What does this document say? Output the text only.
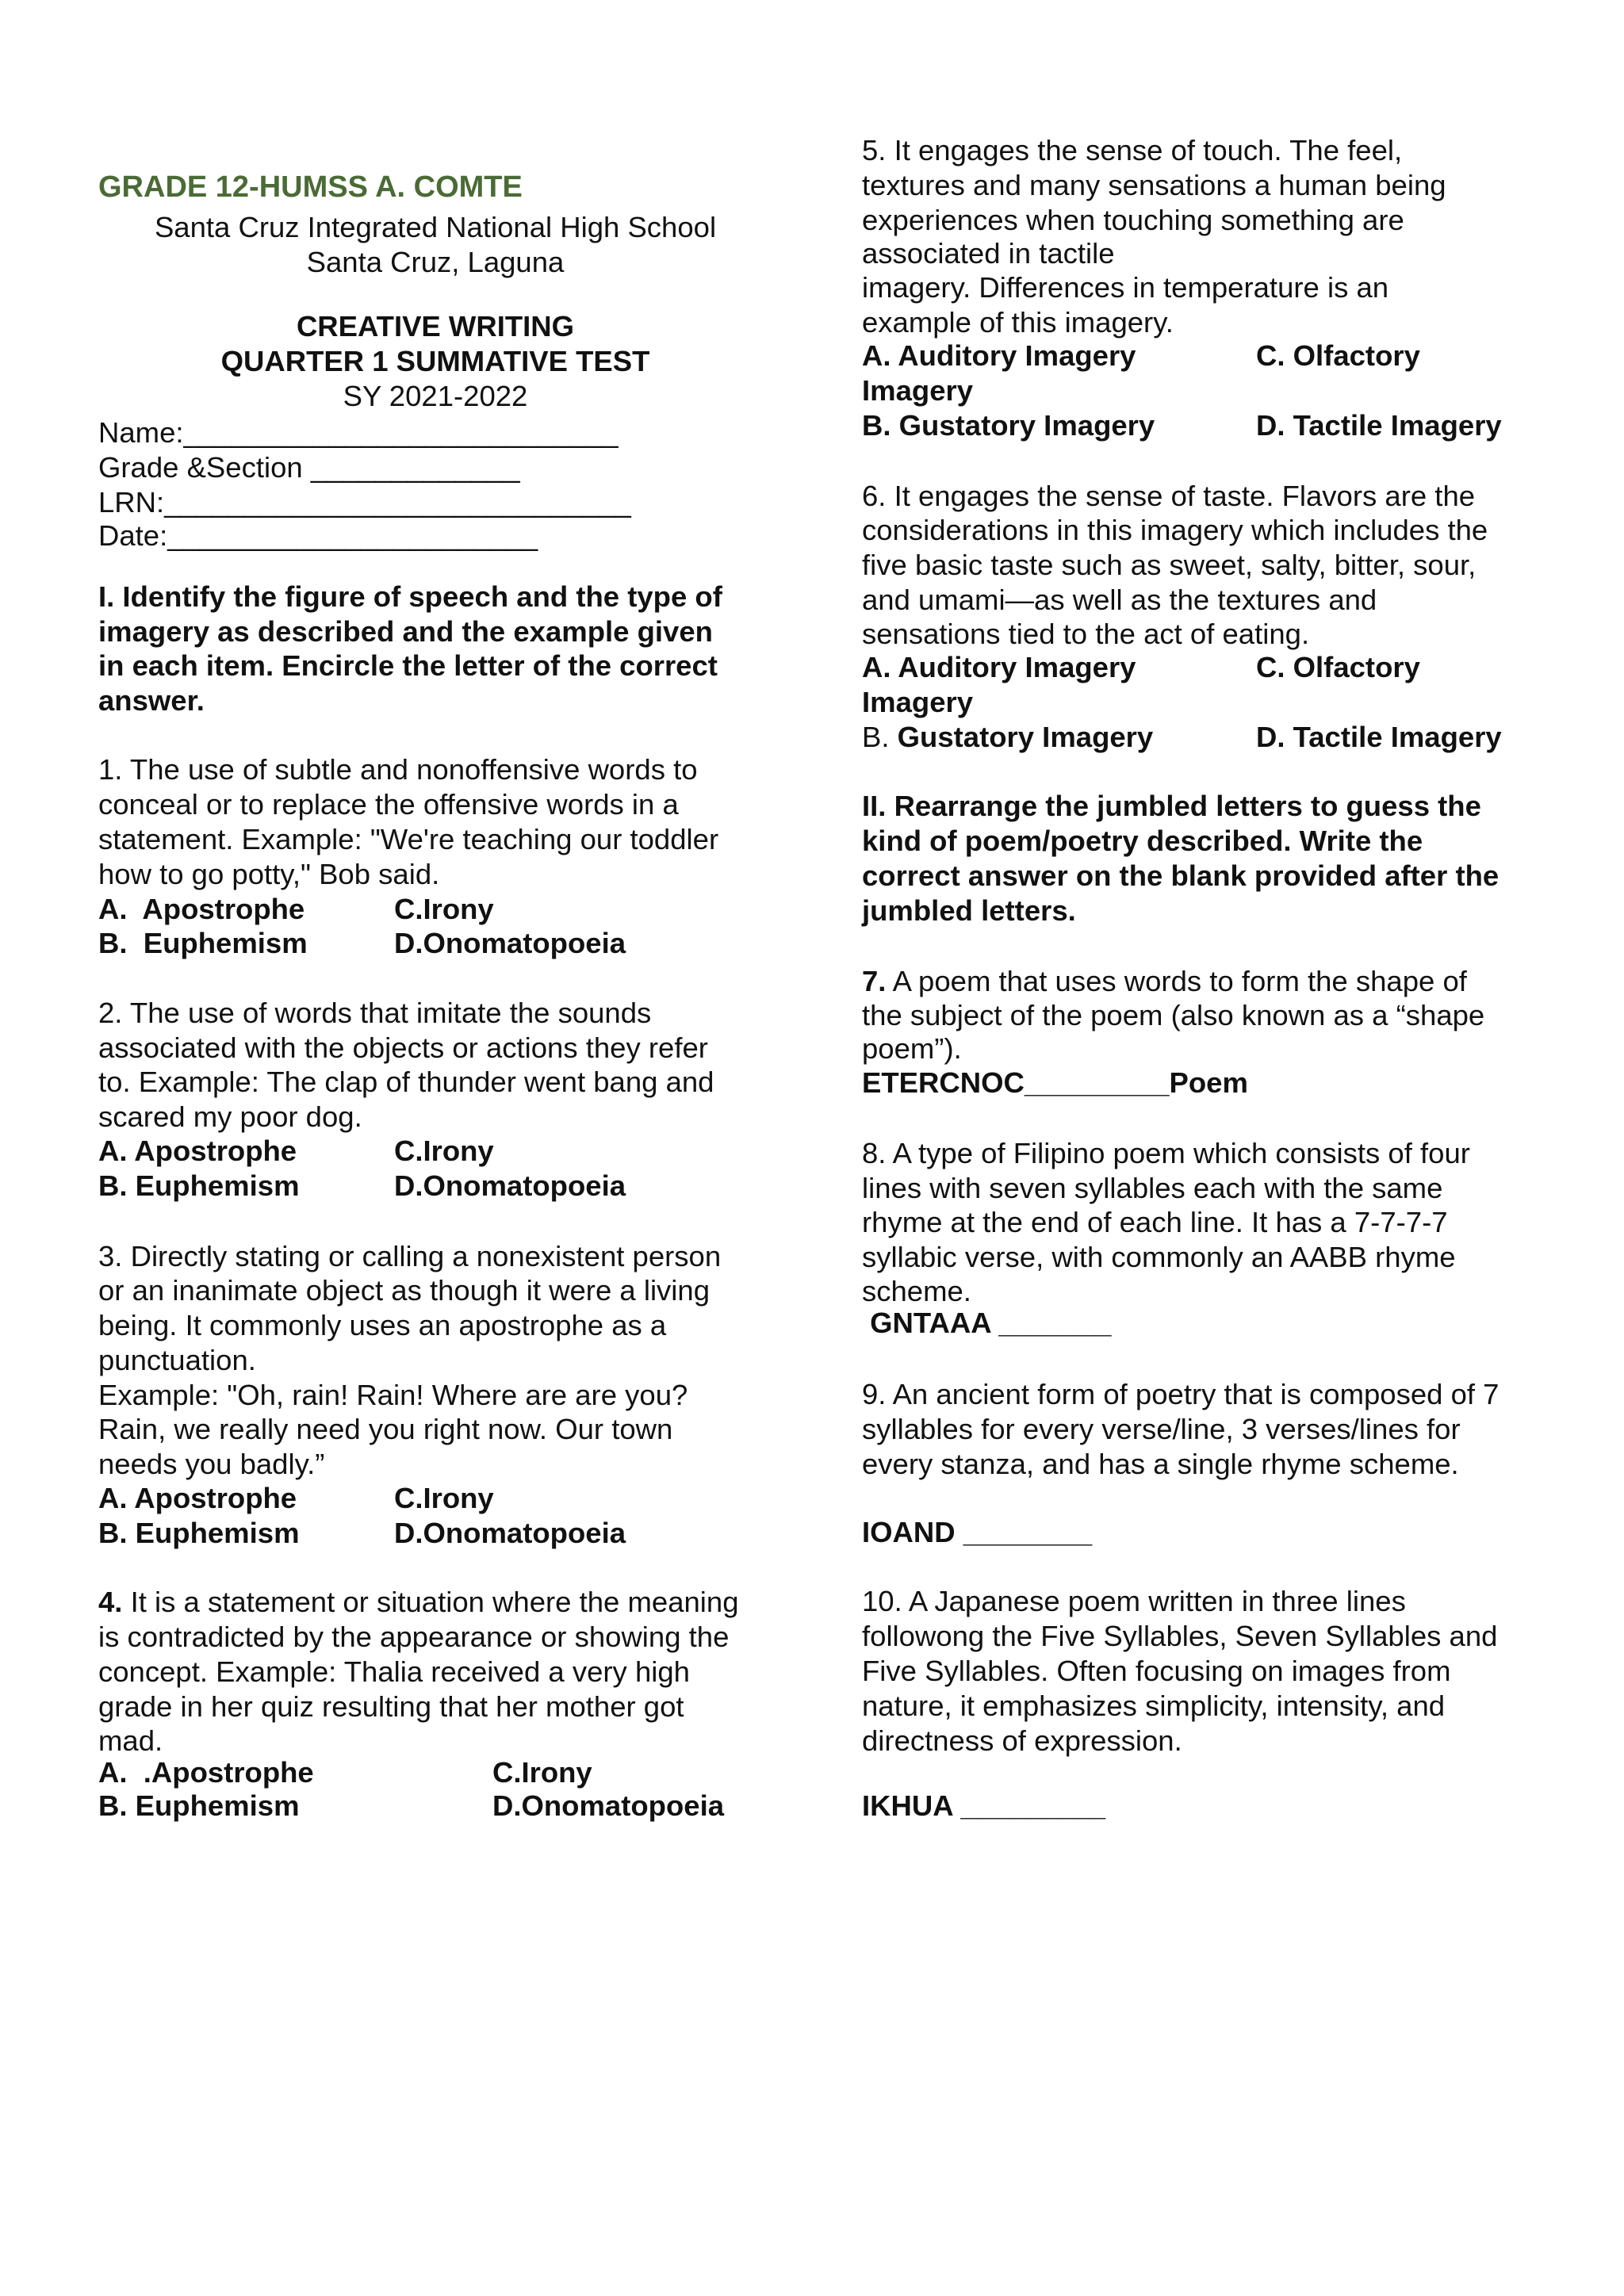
GRADE 12-HUMSS A. COMTE
Santa Cruz Integrated National High School
Santa Cruz, Laguna
CREATIVE WRITING
QUARTER 1 SUMMATIVE TEST
SY 2021-2022
Name:___________________________
Grade &Section _____________
LRN:_____________________________
Date:_______________________
I. Identify the figure of speech and the type of
imagery as described and the example given
in each item. Encircle the letter of the correct
answer.
1. The use of subtle and nonoffensive words to
conceal or to replace the offensive words in a
statement. Example: "We're teaching our toddler
how to go potty," Bob said.
A.  Apostrophe	C.Irony
B.  Euphemism	D.Onomatopoeia
2. The use of words that imitate the sounds
associated with the objects or actions they refer
to. Example: The clap of thunder went bang and
scared my poor dog.
A. Apostrophe	C.Irony
B. Euphemism	D.Onomatopoeia
3. Directly stating or calling a nonexistent person
or an inanimate object as though it were a living
being. It commonly uses an apostrophe as a
punctuation.
Example: "Oh, rain! Rain! Where are are you?
Rain, we really need you right now. Our town
needs you badly.”
A. Apostrophe	C.Irony
B. Euphemism	D.Onomatopoeia
4. It is a statement or situation where the meaning
is contradicted by the appearance or showing the
concept. Example: Thalia received a very high
grade in her quiz resulting that her mother got
mad.
A.  .Apostrophe	C.Irony
B. Euphemism	D.Onomatopoeia
5. It engages the sense of touch. The feel,
textures and many sensations a human being
experiences when touching something are
associated in tactile
imagery. Differences in temperature is an
example of this imagery.
A. Auditory Imagery	C. Olfactory
Imagery
B. Gustatory Imagery	D. Tactile Imagery
6. It engages the sense of taste. Flavors are the
considerations in this imagery which includes the
five basic taste such as sweet, salty, bitter, sour,
and umami—as well as the textures and
sensations tied to the act of eating.
A. Auditory Imagery	C. Olfactory
Imagery
B. Gustatory Imagery	D. Tactile Imagery
II. Rearrange the jumbled letters to guess the
kind of poem/poetry described. Write the
correct answer on the blank provided after the
jumbled letters.
7. A poem that uses words to form the shape of
the subject of the poem (also known as a “shape
poem”).
ETERCNOC_________Poem
8. A type of Filipino poem which consists of four
lines with seven syllables each with the same
rhyme at the end of each line. It has a 7-7-7-7
syllabic verse, with commonly an AABB rhyme
scheme.
GNTAAA _______
9. An ancient form of poetry that is composed of 7
syllables for every verse/line, 3 verses/lines for
every stanza, and has a single rhyme scheme.
IOAND ________
10. A Japanese poem written in three lines
followong the Five Syllables, Seven Syllables and
Five Syllables. Often focusing on images from
nature, it emphasizes simplicity, intensity, and
directness of expression.
IKHUA _________
